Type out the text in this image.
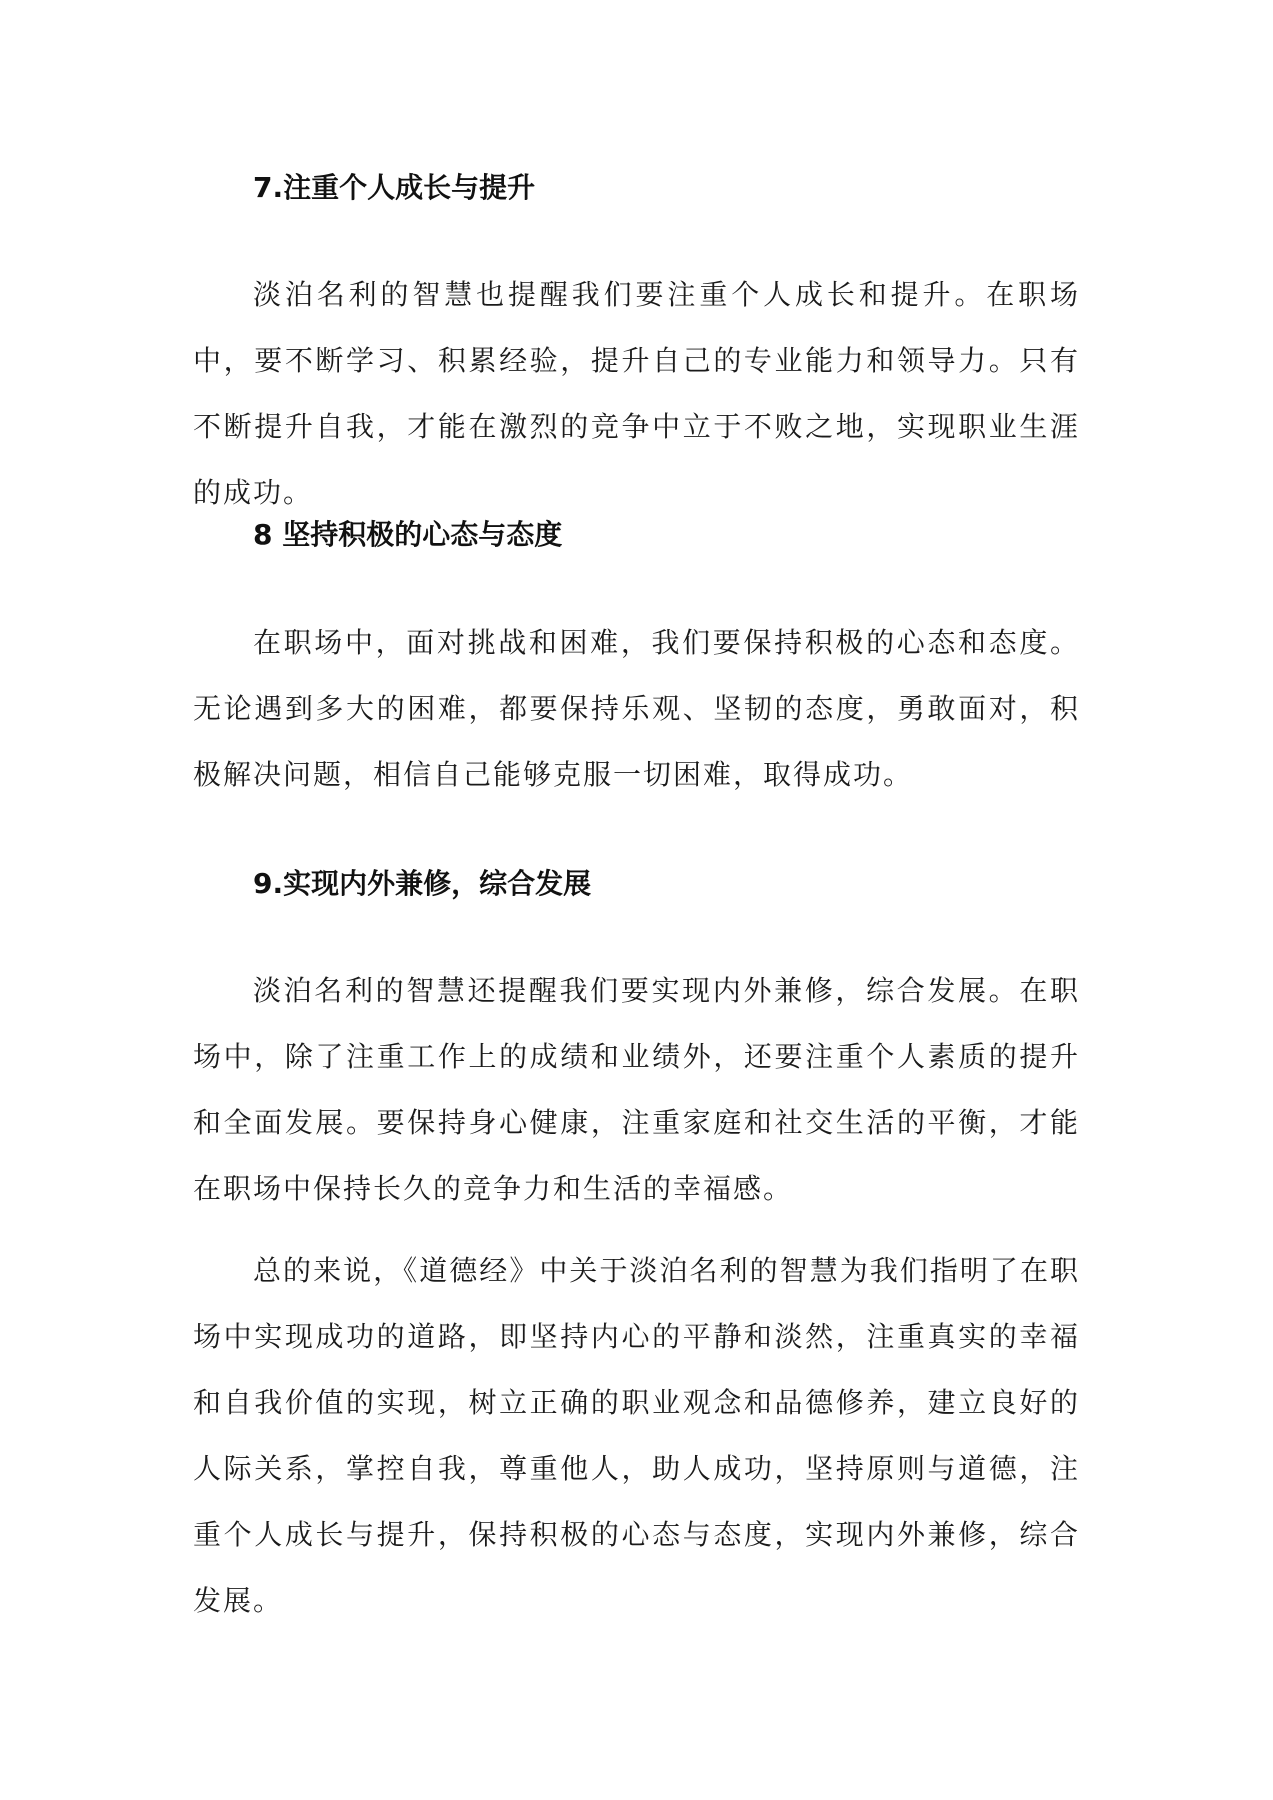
7.注重个人成长与提升
淡泊名利的智慧也提醒我们要注重个人成长和提升。在职场中，要不断学习、积累经验，提升自己的专业能力和领导力。只有不断提升自我，才能在激烈的竞争中立于不败之地，实现职业生涯的成功。
8 坚持积极的心态与态度
在职场中，面对挑战和困难，我们要保持积极的心态和态度。无论遇到多大的困难，都要保持乐观、坚韧的态度，勇敢面对，积极解决问题，相信自己能够克服一切困难，取得成功。
9.实现内外兼修，综合发展
淡泊名利的智慧还提醒我们要实现内外兼修，综合发展。在职场中，除了注重工作上的成绩和业绩外，还要注重个人素质的提升和全面发展。要保持身心健康，注重家庭和社交生活的平衡，才能在职场中保持长久的竞争力和生活的幸福感。
总的来说，《道德经》中关于淡泊名利的智慧为我们指明了在职场中实现成功的道路，即坚持内心的平静和淡然，注重真实的幸福和自我价值的实现，树立正确的职业观念和品德修养，建立良好的人际关系，掌控自我，尊重他人，助人成功，坚持原则与道德，注重个人成长与提升，保持积极的心态与态度，实现内外兼修，综合发展。
